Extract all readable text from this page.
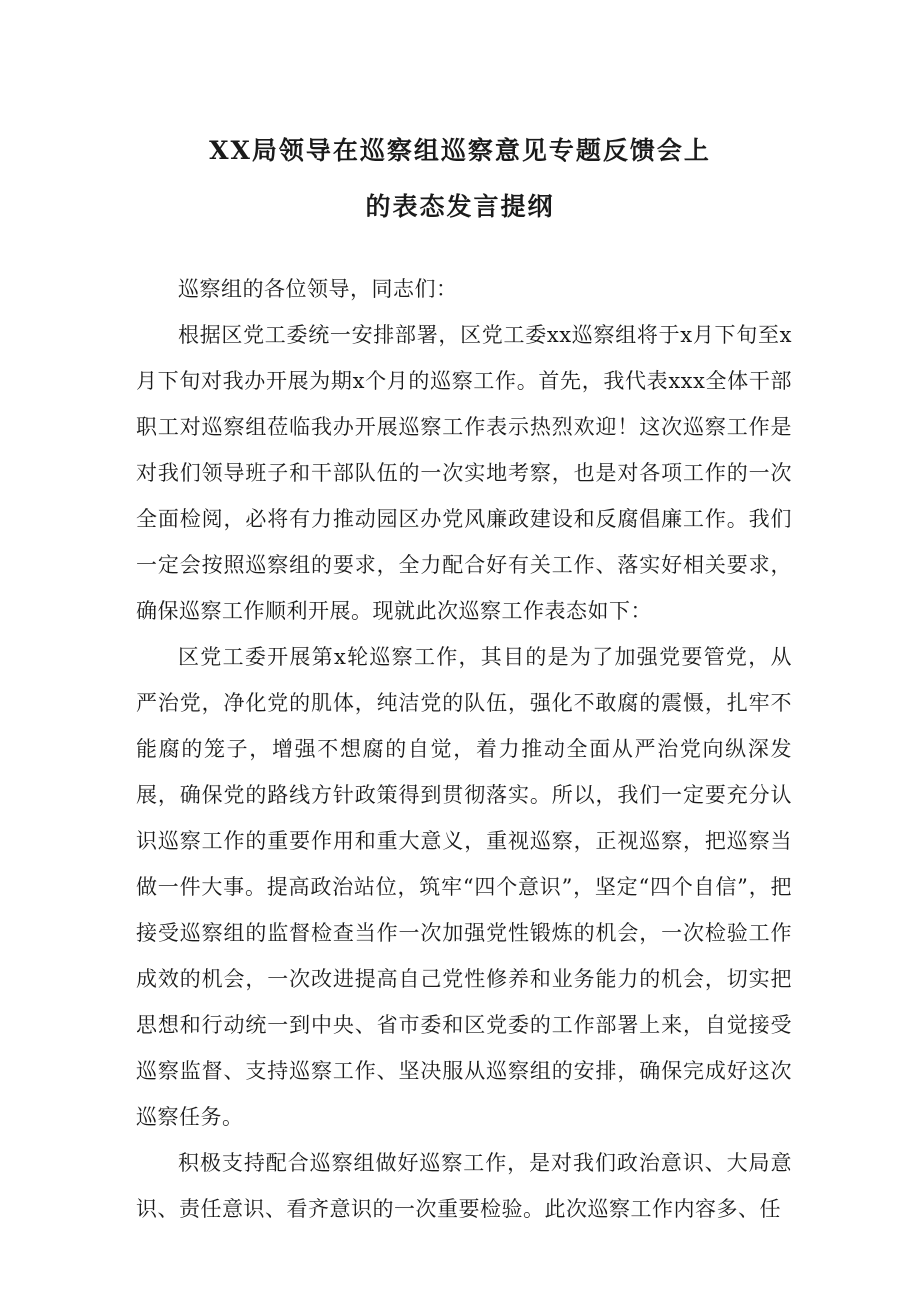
XX局领导在巡察组巡察意见专题反馈会上
的表态发言提纲

巡察组的各位领导，同志们：

根据区党工委统一安排部署，区党工委xx巡察组将于x月下旬至x月下旬对我办开展为期x个月的巡察工作。首先，我代表xxx全体干部职工对巡察组莅临我办开展巡察工作表示热烈欢迎！这次巡察工作是对我们领导班子和干部队伍的一次实地考察，也是对各项工作的一次全面检阅，必将有力推动园区办党风廉政建设和反腐倡廉工作。我们一定会按照巡察组的要求，全力配合好有关工作、落实好相关要求，确保巡察工作顺利开展。现就此次巡察工作表态如下：

区党工委开展第x轮巡察工作，其目的是为了加强党要管党，从严治党，净化党的肌体，纯洁党的队伍，强化不敢腐的震慑，扎牢不能腐的笼子，增强不想腐的自觉，着力推动全面从严治党向纵深发展，确保党的路线方针政策得到贯彻落实。所以，我们一定要充分认识巡察工作的重要作用和重大意义，重视巡察，正视巡察，把巡察当做一件大事。提高政治站位，筑牢“四个意识”，坚定“四个自信”，把接受巡察组的监督检查当作一次加强党性锻炼的机会，一次检验工作成效的机会，一次改进提高自己党性修养和业务能力的机会，切实把思想和行动统一到中央、省市委和区党委的工作部署上来，自觉接受巡察监督、支持巡察工作、坚决服从巡察组的安排，确保完成好这次巡察任务。

积极支持配合巡察组做好巡察工作，是对我们政治意识、大局意识、责任意识、看齐意识的一次重要检验。此次巡察工作内容多、任
